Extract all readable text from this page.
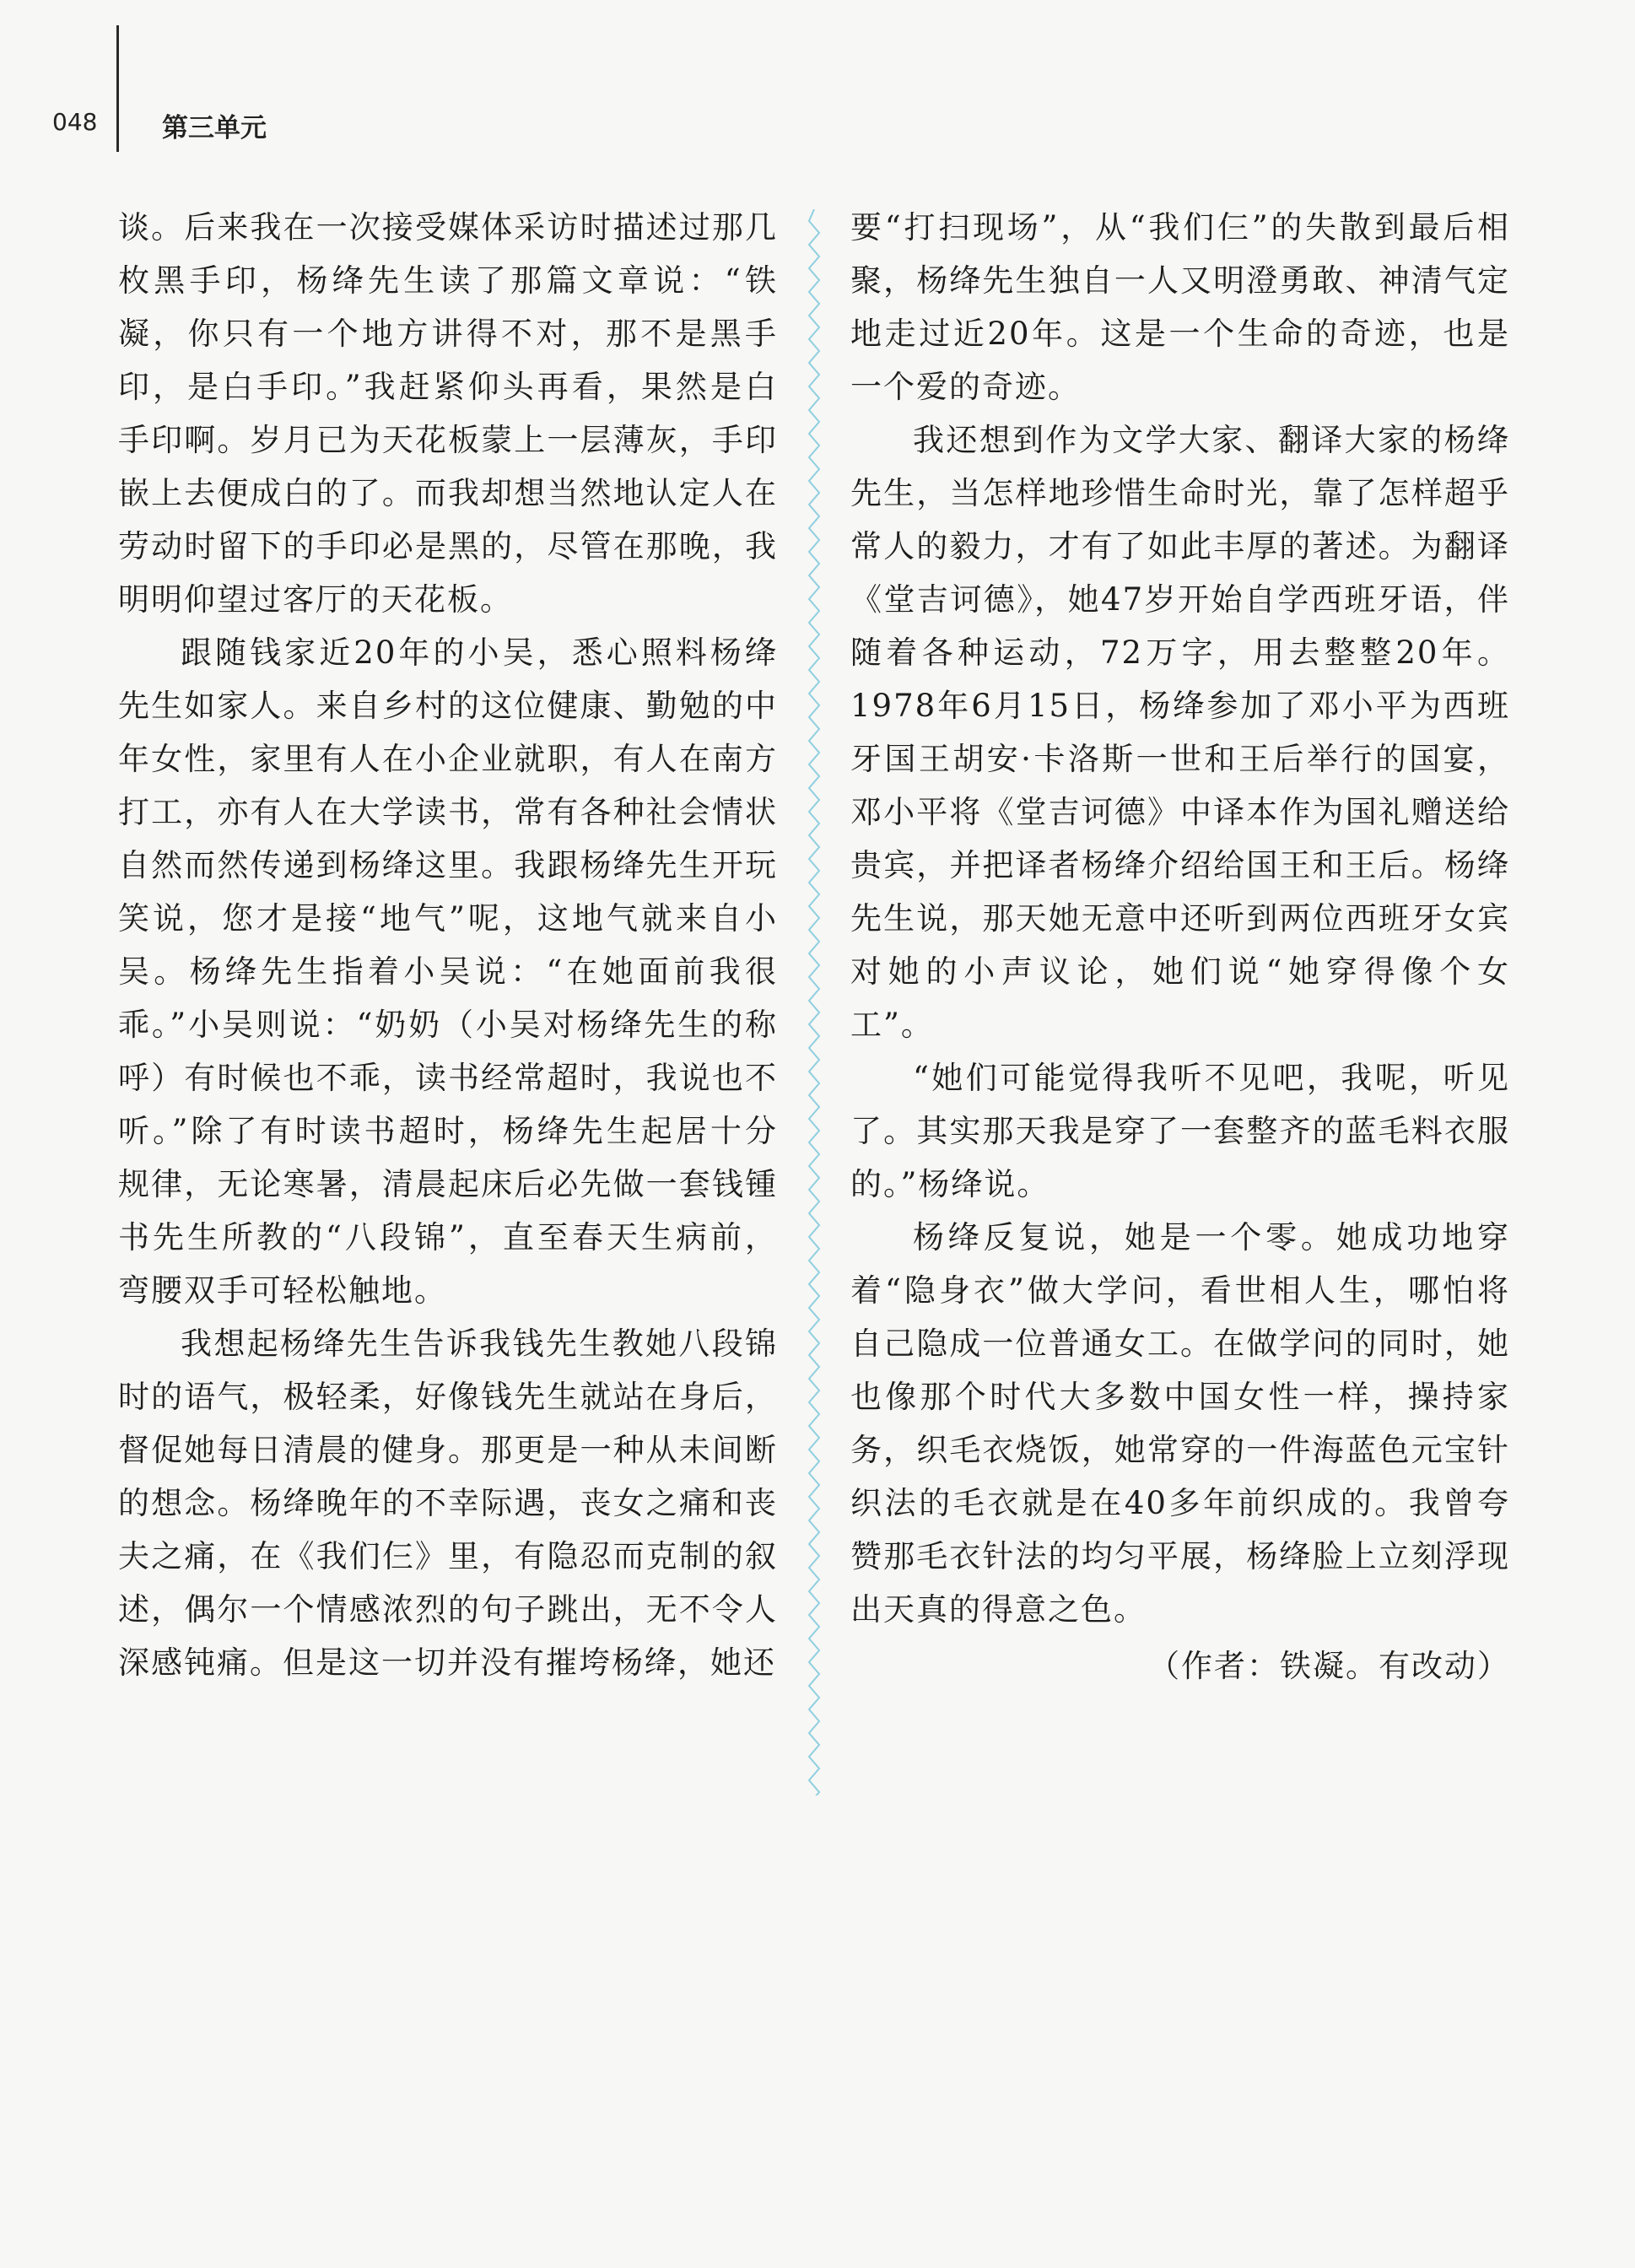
048 第三单元

谈。后来我在一次接受媒体采访时描述过那几枚黑手印，杨绛先生读了那篇文章说：“铁凝，你只有一个地方讲得不对，那不是黑手印，是白手印。”我赶紧仰头再看，果然是白手印啊。岁月已为天花板蒙上一层薄灰，手印嵌上去便成白的了。而我却想当然地认定人在劳动时留下的手印必是黑的，尽管在那晚，我明明仰望过客厅的天花板。

跟随钱家近20年的小吴，悉心照料杨绛先生如家人。来自乡村的这位健康、勤勉的中年女性，家里有人在小企业就职，有人在南方打工，亦有人在大学读书，常有各种社会情状自然而然传递到杨绛这里。我跟杨绛先生开玩笑说，您才是接“地气”呢，这地气就来自小吴。杨绛先生指着小吴说：“在她面前我很乖。”小吴则说：“奶奶（小吴对杨绛先生的称呼）有时候也不乖，读书经常超时，我说也不听。”除了有时读书超时，杨绛先生起居十分规律，无论寒暑，清晨起床后必先做一套钱锺书先生所教的“八段锦”，直至春天生病前，弯腰双手可轻松触地。

我想起杨绛先生告诉我钱先生教她八段锦时的语气，极轻柔，好像钱先生就站在身后，督促她每日清晨的健身。那更是一种从未间断的想念。杨绛晚年的不幸际遇，丧女之痛和丧夫之痛，在《我们仨》里，有隐忍而克制的叙述，偶尔一个情感浓烈的句子跳出，无不令人深感钝痛。但是这一切并没有摧垮杨绛，她还

要“打扫现场”，从“我们仨”的失散到最后相聚，杨绛先生独自一人又明澄勇敢、神清气定地走过近20年。这是一个生命的奇迹，也是一个爱的奇迹。

我还想到作为文学大家、翻译大家的杨绛先生，当怎样地珍惜生命时光，靠了怎样超乎常人的毅力，才有了如此丰厚的著述。为翻译《堂吉诃德》，她47岁开始自学西班牙语，伴随着各种运动，72万字，用去整整20年。1978年6月15日，杨绛参加了邓小平为西班牙国王胡安·卡洛斯一世和王后举行的国宴，邓小平将《堂吉诃德》中译本作为国礼赠送给贵宾，并把译者杨绛介绍给国王和王后。杨绛先生说，那天她无意中还听到两位西班牙女宾对她的小声议论，她们说“她穿得像个女工”。

“她们可能觉得我听不见吧，我呢，听见了。其实那天我是穿了一套整齐的蓝毛料衣服的。”杨绛说。

杨绛反复说，她是一个零。她成功地穿着“隐身衣”做大学问，看世相人生，哪怕将自己隐成一位普通女工。在做学问的同时，她也像那个时代大多数中国女性一样，操持家务，织毛衣烧饭，她常穿的一件海蓝色元宝针织法的毛衣就是在40多年前织成的。我曾夸赞那毛衣针法的均匀平展，杨绛脸上立刻浮现出天真的得意之色。

（作者：铁凝。有改动）
